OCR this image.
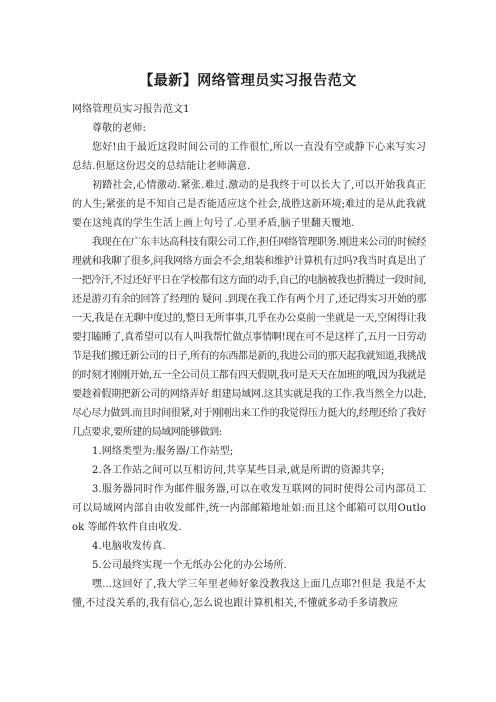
【最新】网络管理员实习报告范文

网络管理员实习报告范文1

尊敬的老师:

您好!由于最近这段时间公司的工作很忙,所以一直没有空或静下心来写实习总结.但愿这份迟交的总结能让老师满意.

初踏社会,心情激动.紧张.难过.激动的是我终于可以长大了,可以开始我真正的人生;紧张的是不知自己是否能适应这个社会,战胜这新环境;难过的是从此我就要在这纯真的学生生活上画上句号了.心里矛盾,脑子里翻天覆地.

我现在在广东丰达高科技有限公司工作,担任网络管理职务.刚进来公司的时候经理就和我聊了很多,问我网络方面会不会,组装和维护计算机有过吗?我当时真是出了一把冷汗,不过还好平日在学校都有这方面的动手,自己的电脑被我也折腾过一段时间,还是游刃有余的回答了经理的 疑问 .到现在我工作有两个月了,还记得实习开始的那一天,我是在无聊中度过的,整日无所事事,几乎在办公桌前一坐就是一天,空闲得让我要打瞌睡了,真希望可以有人叫我帮忙做点事情啊!现在可不是这样了,五月一日劳动节是我们搬迁新公司的日子,所有的东西都是新的,我进公司的那天起我就知道,我挑战的时刻才刚刚开始,五一全公司员工都有四天假期,我可是天天在加班的哦,因为我就是要趁着假期把新公司的网络弄好 组建局域网.这其实就是我的工作.我当然全力以赴,尽心尽力做到.而且时间很紧,对于刚刚出来工作的我觉得压力挺大的,经理还给了我好几点要求,要所建的局域网能够做到:

1.网络类型为:服务器/工作站型;

2.各工作站之间可以互相访问,共享某些目录,就是所谓的资源共享;

3.服务器同时作为邮件服务器,可以在收发互联网的同时使得公司内部员工可以局域网内部自由收发邮件,统一内部邮箱地址如:而且这个邮箱可以用Outlook 等邮件软件自由收发.

4.电脑收发传真.

5.公司最终实现一个无纸办公化的办公场所.

嘿...这回好了,我大学三年里老师好象没教我这上面几点耶?!但是 我是不太懂,不过没关系的,我有信心,怎么说也跟计算机相关,不懂就多动手多请教应
